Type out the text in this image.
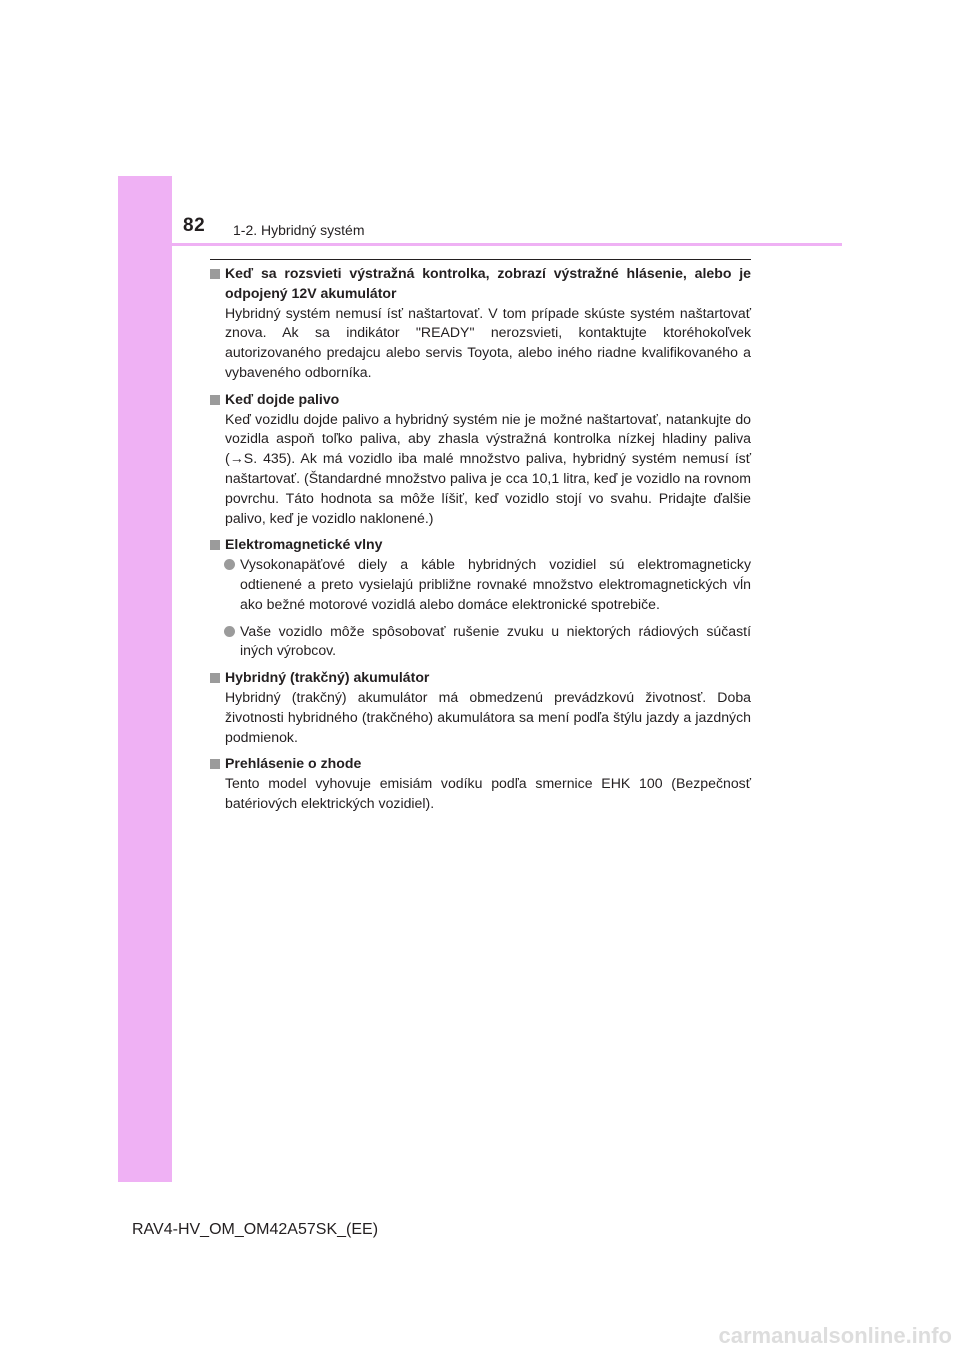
82 1-2. Hybridný systém
Keď sa rozsvieti výstražná kontrolka, zobrazí výstražné hlásenie, alebo je odpojený 12V akumulátor
Hybridný systém nemusí ísť naštartovať. V tom prípade skúste systém naštartovať znova. Ak sa indikátor "READY" nerozsvieti, kontaktujte ktoréhokoľvek autorizovaného predajcu alebo servis Toyota, alebo iného riadne kvalifikovaného a vybaveného odborníka.
Keď dojde palivo
Keď vozidlu dojde palivo a hybridný systém nie je možné naštartovať, natankujte do vozidla aspoň toľko paliva, aby zhasla výstražná kontrolka nízkej hladiny paliva (→S. 435). Ak má vozidlo iba malé množstvo paliva, hybridný systém nemusí ísť naštartovať. (Štandardné množstvo paliva je cca 10,1 litra, keď je vozidlo na rovnom povrchu. Táto hodnota sa môže líšiť, keď vozidlo stojí vo svahu. Pridajte ďalšie palivo, keď je vozidlo naklonené.)
Elektromagnetické vlny
Vysokonapäťové diely a káble hybridných vozidiel sú elektromagneticky odtienené a preto vysielajú približne rovnaké množstvo elektromagnetických vĺn ako bežné motorové vozidlá alebo domáce elektronické spotrebiče.
Vaše vozidlo môže spôsobovať rušenie zvuku u niektorých rádiových súčastí iných výrobcov.
Hybridný (trakčný) akumulátor
Hybridný (trakčný) akumulátor má obmedzenú prevádzkovú životnosť. Doba životnosti hybridného (trakčného) akumulátora sa mení podľa štýlu jazdy a jazdných podmienok.
Prehlásenie o zhode
Tento model vyhovuje emisiám vodíku podľa smernice EHK 100 (Bezpečnosť batériových elektrických vozidiel).
RAV4-HV_OM_OM42A57SK_(EE)
carmanualsonline.info
